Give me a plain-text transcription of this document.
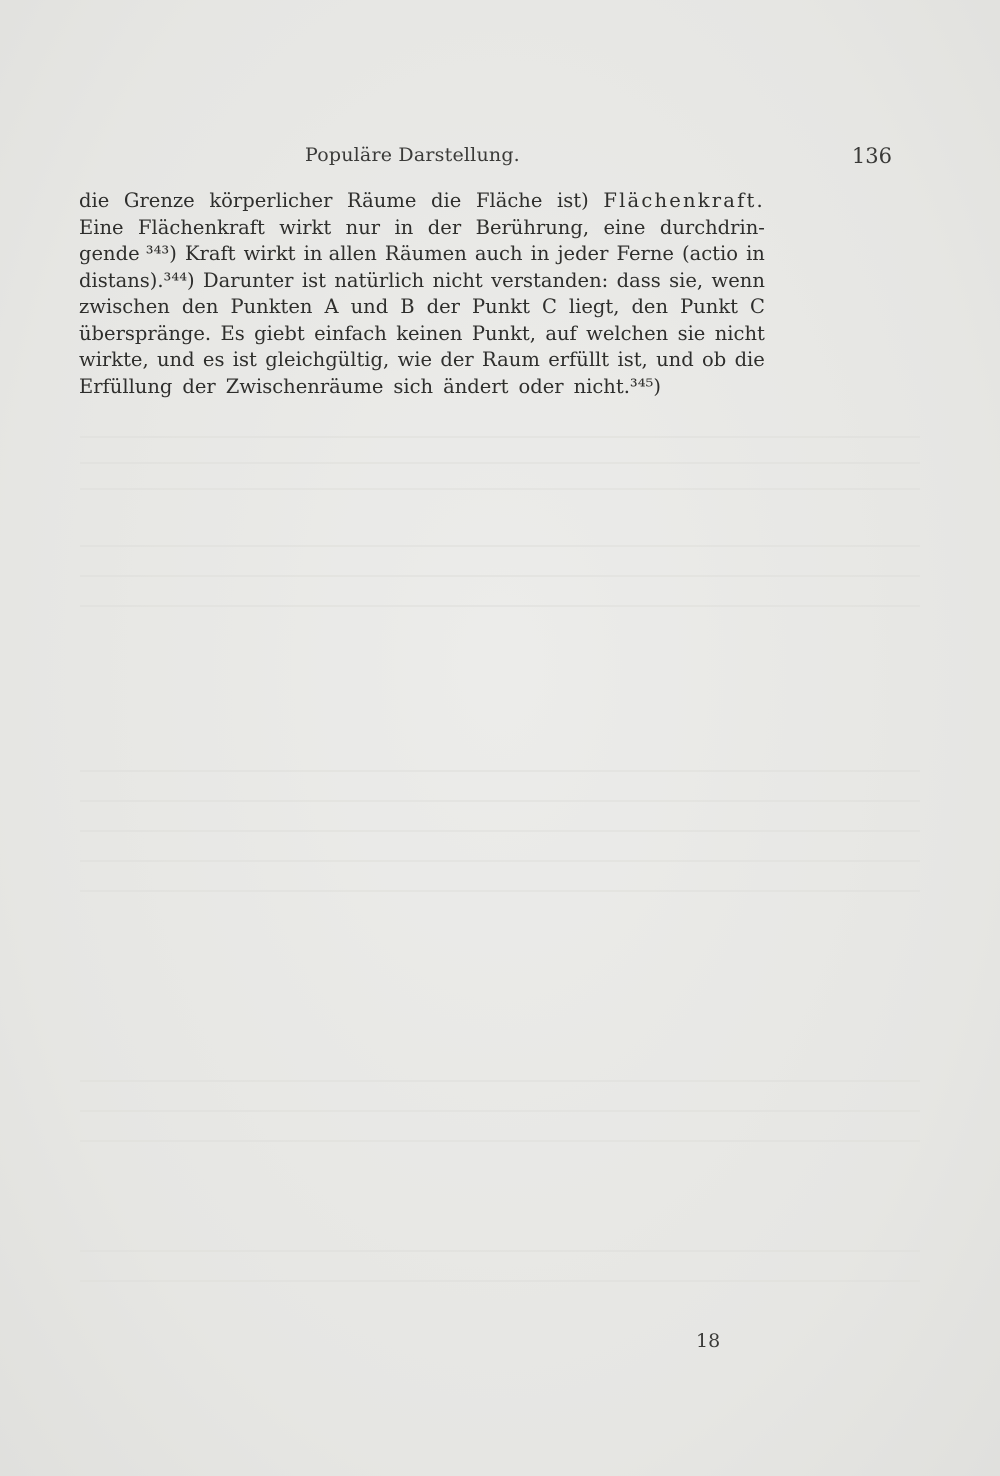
Populäre Darstellung.	136
die Grenze körperlicher Räume die Fläche ist) Flächenkraft.
Eine Flächenkraft wirkt nur in der Berührung, eine durchdrin-
gende ³⁴³) Kraft wirkt in allen Räumen auch in jeder Ferne (actio in
distans).³⁴⁴) Darunter ist natürlich nicht verstanden: dass sie, wenn
zwischen den Punkten A und B der Punkt C liegt, den Punkt C
überspränge. Es giebt einfach keinen Punkt, auf welchen sie nicht
wirkte, und es ist gleichgültig, wie der Raum erfüllt ist, und ob die
Erfüllung der Zwischenräume sich ändert oder nicht.³⁴⁵)
18
